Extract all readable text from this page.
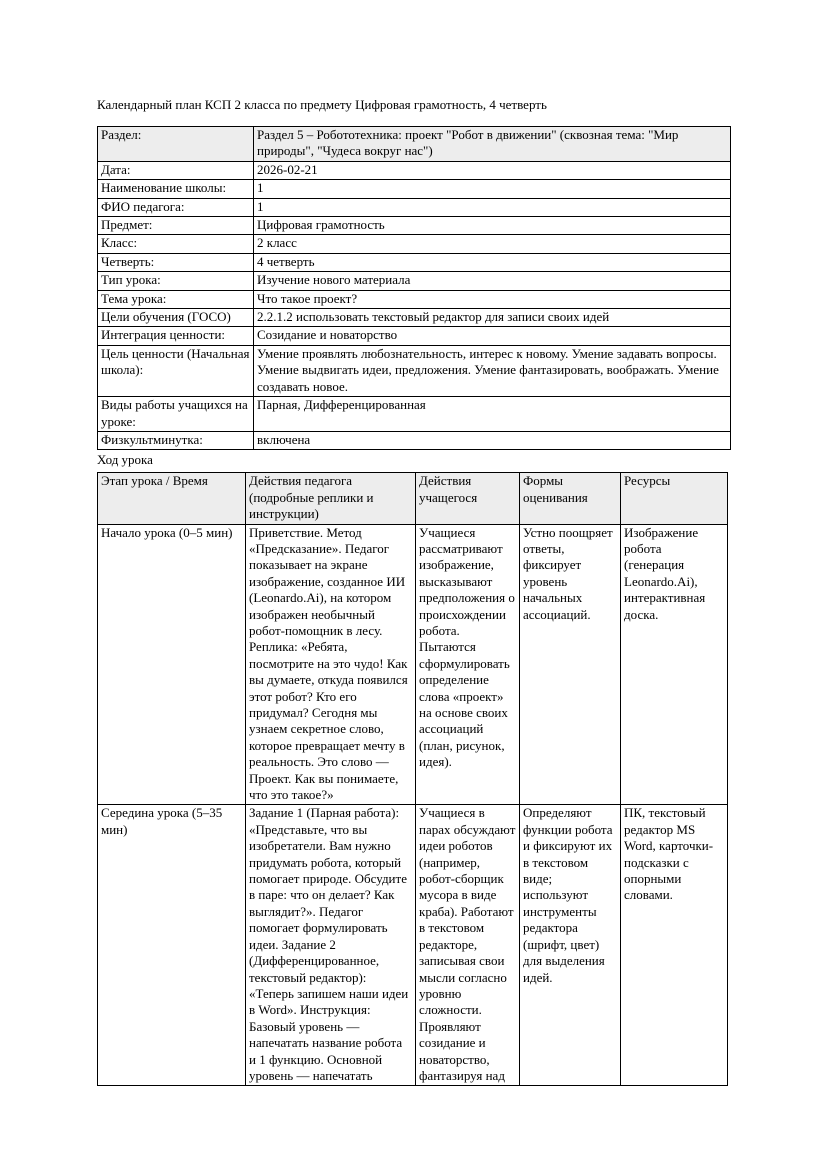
Календарный план КСП 2 класса по предмету Цифровая грамотность, 4 четверть
Раздел:	Раздел 5 – Робототехника: проект "Робот в движении" (сквозная тема: "Мир природы", "Чудеса вокруг нас")
Дата:	2026-02-21
Наименование школы:	1
ФИО педагога:	1
Предмет:	Цифровая грамотность
Класс:	2 класс
Четверть:	4 четверть
Тип урока:	Изучение нового материала
Тема урока:	Что такое проект?
Цели обучения (ГОСО)	2.2.1.2 использовать текстовый редактор для записи своих идей
Интеграция ценности:	Созидание и новаторство
Цель ценности (Начальная школа):	Умение проявлять любознательность, интерес к новому. Умение задавать вопросы. Умение выдвигать идеи, предложения. Умение фантазировать, воображать. Умение создавать новое.
Виды работы учащихся на уроке:	Парная, Дифференцированная
Физкультминутка:	включена
Ход урока
Этап урока / Время	Действия педагога (подробные реплики и инструкции)	Действия учащегося	Формы оценивания	Ресурсы
Начало урока (0–5 мин)	Приветствие. Метод «Предсказание». Педагог показывает на экране изображение, созданное ИИ (Leonardo.Ai), на котором изображен необычный робот-помощник в лесу. Реплика: «Ребята, посмотрите на это чудо! Как вы думаете, откуда появился этот робот? Кто его придумал? Сегодня мы узнаем секретное слово, которое превращает мечту в реальность. Это слово — Проект. Как вы понимаете, что это такое?»	Учащиеся рассматривают изображение, высказывают предположения о происхождении робота. Пытаются сформулировать определение слова «проект» на основе своих ассоциаций (план, рисунок, идея).	Устно поощряет ответы, фиксирует уровень начальных ассоциаций.	Изображение робота (генерация Leonardo.Ai), интерактивная доска.
Середина урока (5–35 мин)	Задание 1 (Парная работа): «Представьте, что вы изобретатели. Вам нужно придумать робота, который помогает природе. Обсудите в паре: что он делает? Как выглядит?». Педагог помогает формулировать идеи. Задание 2 (Дифференцированное, текстовый редактор): «Теперь запишем наши идеи в Word». Инструкция: Базовый уровень — напечатать название робота и 1 функцию. Основной уровень — напечатать	Учащиеся в парах обсуждают идеи роботов (например, робот-сборщик мусора в виде краба). Работают в текстовом редакторе, записывая свои мысли согласно уровню сложности. Проявляют созидание и новаторство, фантазируя над	Определяют функции робота и фиксируют их в текстовом виде; используют инструменты редактора (шрифт, цвет) для выделения идей.	ПК, текстовый редактор MS Word, карточки-подсказки с опорными словами.
